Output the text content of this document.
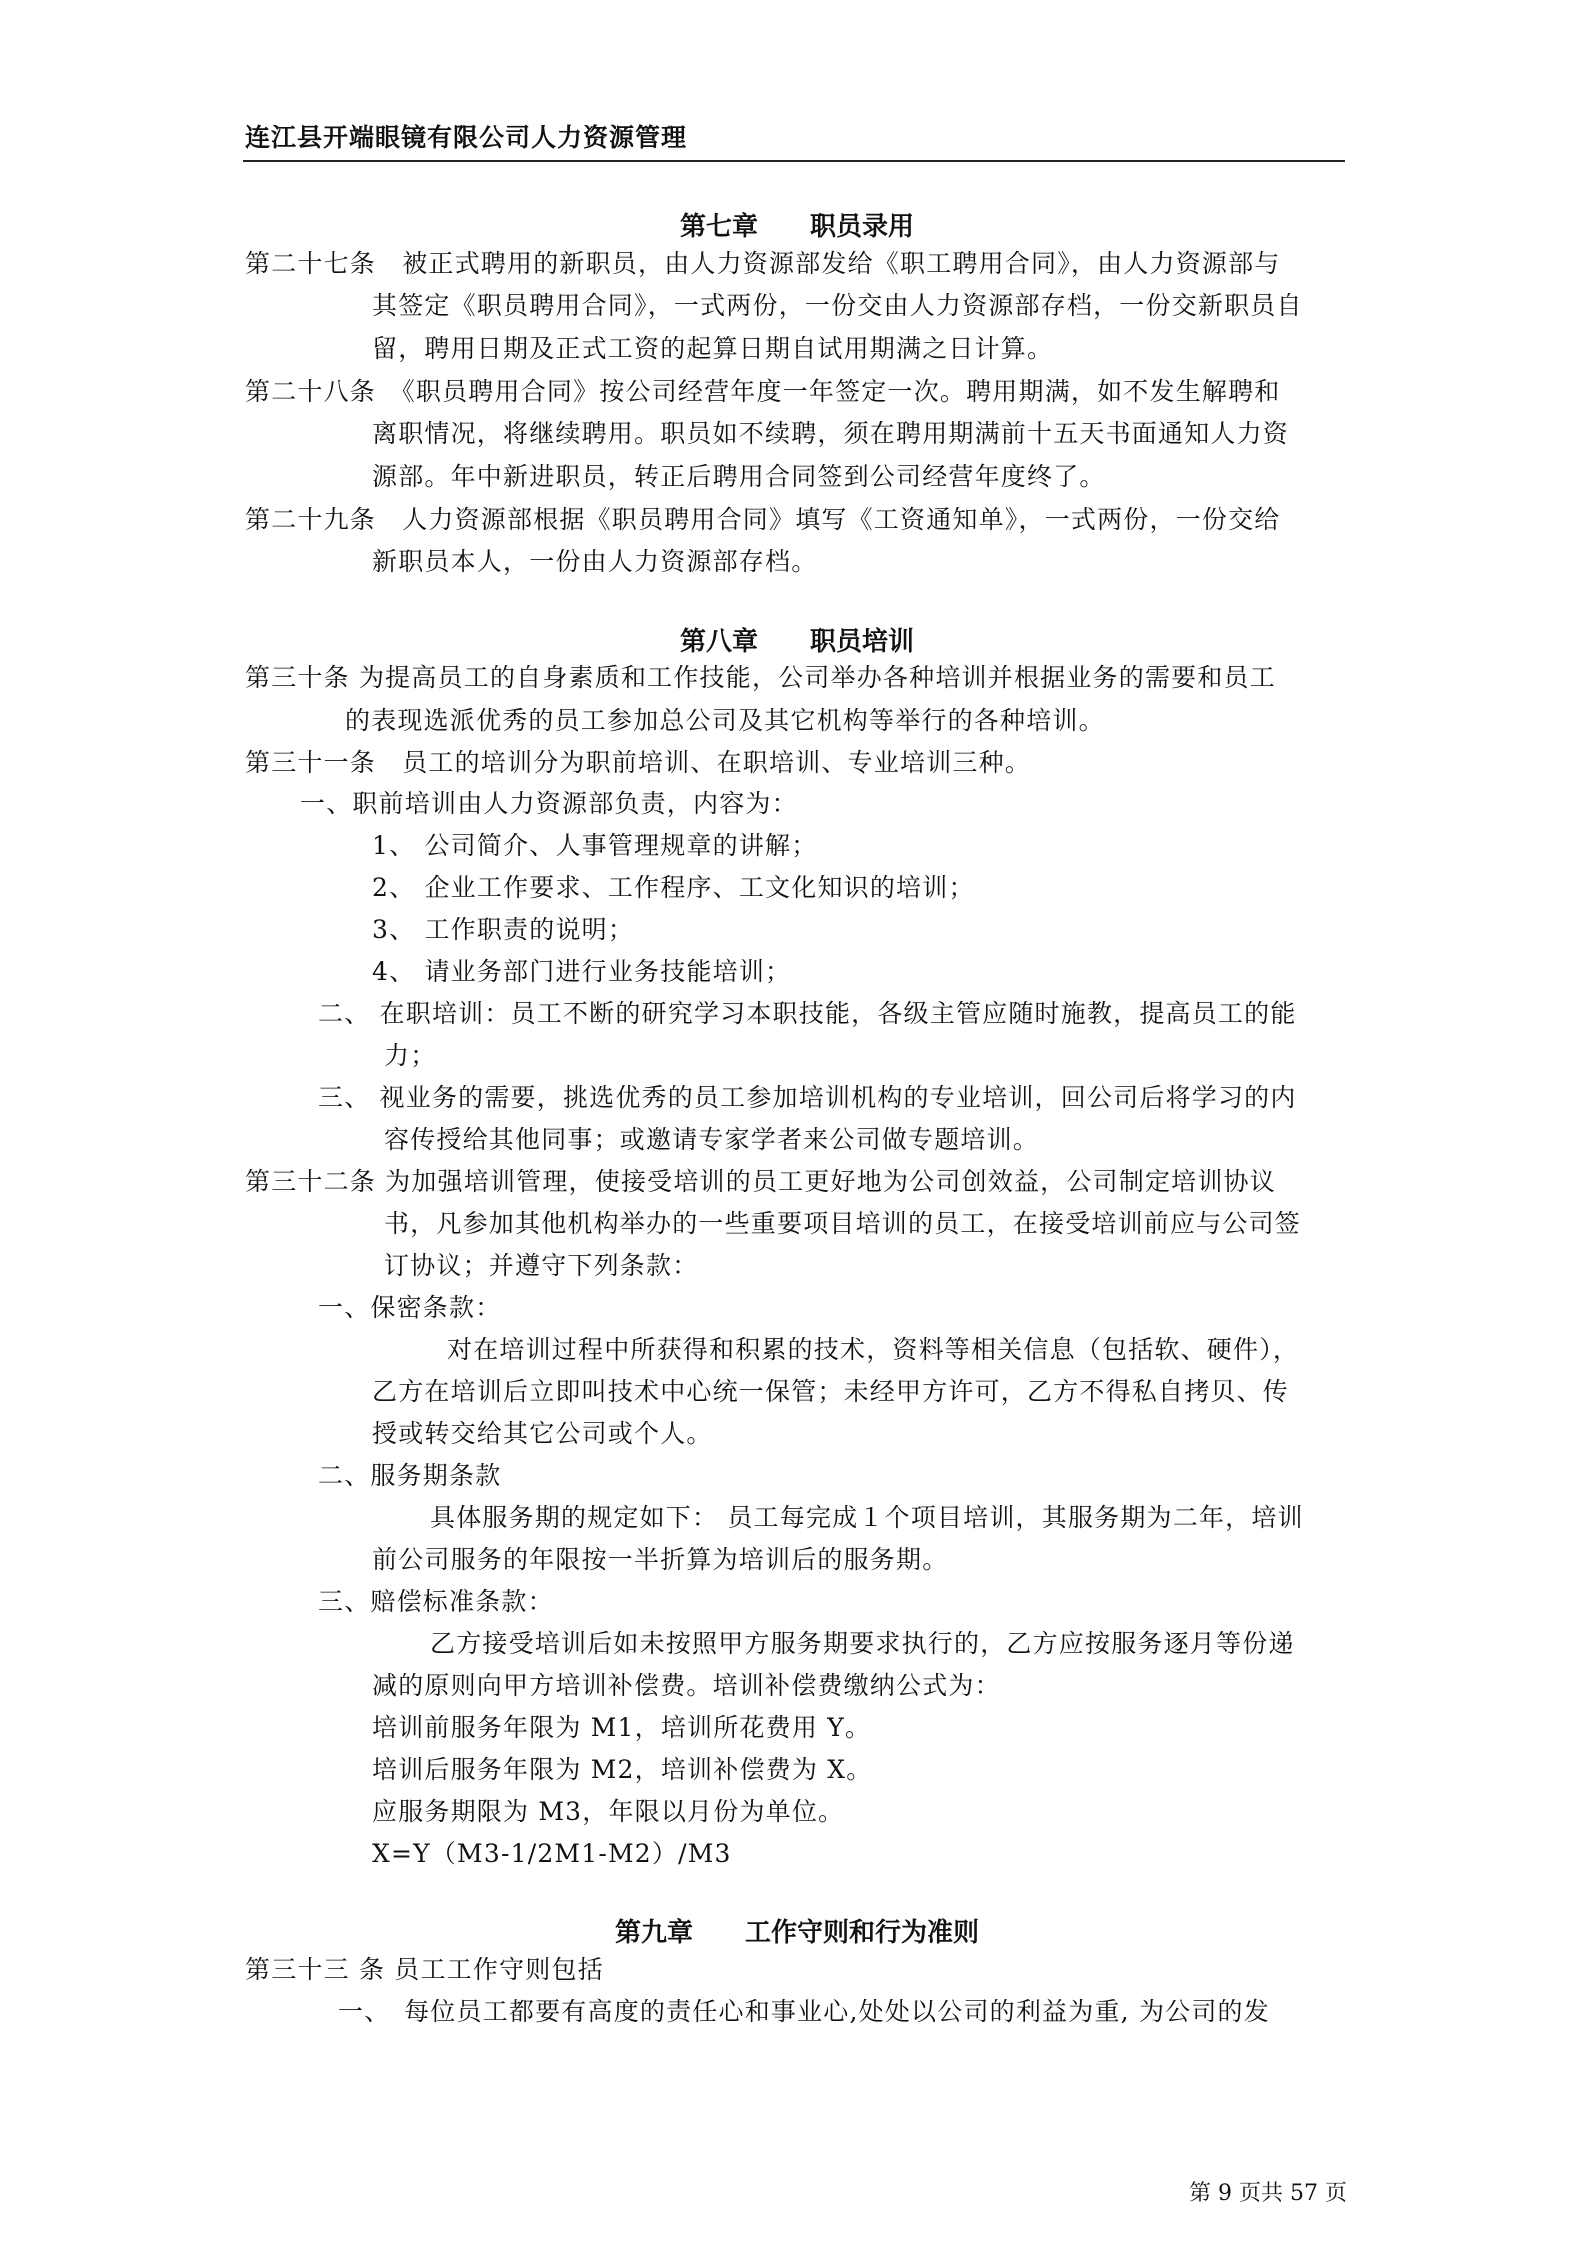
连江县开端眼镜有限公司人力资源管理
第七章　　职员录用
第二十七条　被正式聘用的新职员，由人力资源部发给《职工聘用合同》，由人力资源部与
其签定《职员聘用合同》，一式两份，一份交由人力资源部存档，一份交新职员自
留，聘用日期及正式工资的起算日期自试用期满之日计算。
第二十八条　《职员聘用合同》按公司经营年度一年签定一次。聘用期满，如不发生解聘和
离职情况，将继续聘用。职员如不续聘，须在聘用期满前十五天书面通知人力资
源部。年中新进职员，转正后聘用合同签到公司经营年度终了。
第二十九条　人力资源部根据《职员聘用合同》填写《工资通知单》，一式两份，一份交给
新职员本人，一份由人力资源部存档。
第八章　　职员培训
第三十条 为提高员工的自身素质和工作技能，公司举办各种培训并根据业务的需要和员工
的表现选派优秀的员工参加总公司及其它机构等举行的各种培训。
第三十一条　员工的培训分为职前培训、在职培训、专业培训三种。
一、职前培训由人力资源部负责，内容为：
1、 公司简介、人事管理规章的讲解；
2、 企业工作要求、工作程序、工文化知识的培训；
3、 工作职责的说明；
4、 请业务部门进行业务技能培训；
二、 在职培训：员工不断的研究学习本职技能，各级主管应随时施教，提高员工的能
力；
三、 视业务的需要，挑选优秀的员工参加培训机构的专业培训，回公司后将学习的内
容传授给其他同事；或邀请专家学者来公司做专题培训。
第三十二条 为加强培训管理，使接受培训的员工更好地为公司创效益，公司制定培训协议
书，凡参加其他机构举办的一些重要项目培训的员工，在接受培训前应与公司签
订协议；并遵守下列条款：
一、保密条款：
对在培训过程中所获得和积累的技术，资料等相关信息（包括软、硬件），
乙方在培训后立即叫技术中心统一保管；未经甲方许可，乙方不得私自拷贝、传
授或转交给其它公司或个人。
二、服务期条款
具体服务期的规定如下： 员工每完成１个项目培训，其服务期为二年，培训
前公司服务的年限按一半折算为培训后的服务期。
三、赔偿标准条款：
乙方接受培训后如未按照甲方服务期要求执行的，乙方应按服务逐月等份递
减的原则向甲方培训补偿费。培训补偿费缴纳公式为：
培训前服务年限为 M1，培训所花费用 Y。
培训后服务年限为 M2，培训补偿费为 X。
应服务期限为 M3，年限以月份为单位。
X=Y（M3-1/2M1-M2）/M3
第九章　　工作守则和行为准则
第三十三 条 员工工作守则包括
一、　每位员工都要有高度的责任心和事业心,处处以公司的利益为重, 为公司的发
第 9 页共 57 页
